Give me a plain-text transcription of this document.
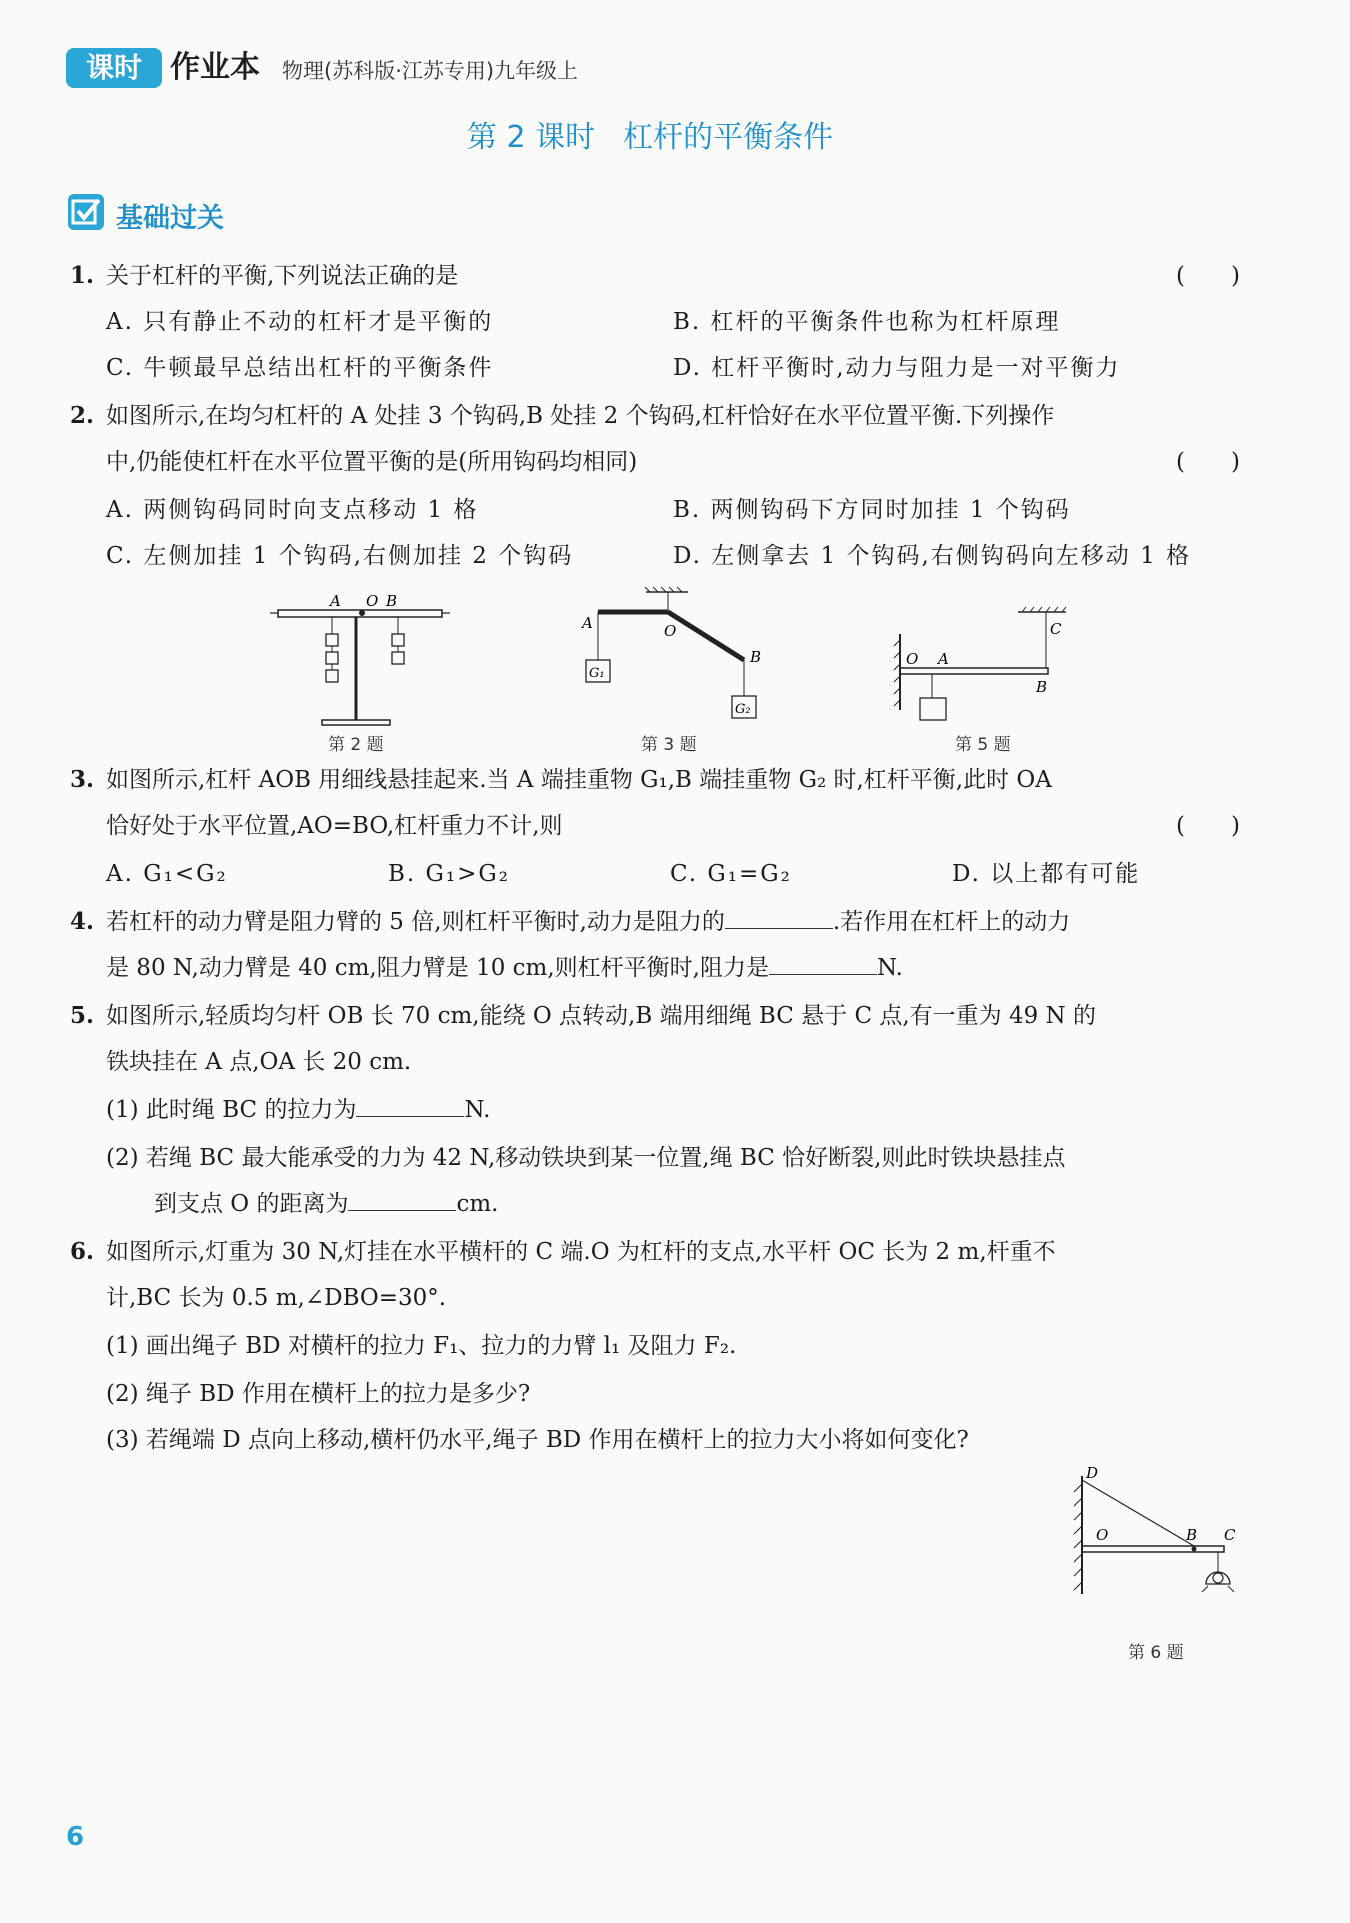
课时 作业本 物理(苏科版·江苏专用)九年级上
第 2 课时 杠杆的平衡条件
基础过关
1. 关于杠杆的平衡,下列说法正确的是	(　　)
A. 只有静止不动的杠杆才是平衡的	B. 杠杆的平衡条件也称为杠杆原理
C. 牛顿最早总结出杠杆的平衡条件	D. 杠杆平衡时,动力与阻力是一对平衡力
2. 如图所示,在均匀杠杆的 A 处挂 3 个钩码,B 处挂 2 个钩码,杠杆恰好在水平位置平衡.下列操作
中,仍能使杠杆在水平位置平衡的是(所用钩码均相同)	(　　)
A. 两侧钩码同时向支点移动 1 格	B. 两侧钩码下方同时加挂 1 个钩码
C. 左侧加挂 1 个钩码,右侧加挂 2 个钩码	D. 左侧拿去 1 个钩码,右侧钩码向左移动 1 格
A O B
第 2 题
A	O
B
G₁
G₂
第 3 题
O A
B
C
第 5 题
3. 如图所示,杠杆 AOB 用细线悬挂起来.当 A 端挂重物 G₁,B 端挂重物 G₂ 时,杠杆平衡,此时 OA
恰好处于水平位置,AO=BO,杠杆重力不计,则	(　　)
A. G₁<G₂	B. G₁>G₂	C. G₁=G₂	D. 以上都有可能
4. 若杠杆的动力臂是阻力臂的 5 倍,则杠杆平衡时,动力是阻力的	.若作用在杠杆上的动力
是 80 N,动力臂是 40 cm,阻力臂是 10 cm,则杠杆平衡时,阻力是	N.
5. 如图所示,轻质均匀杆 OB 长 70 cm,能绕 O 点转动,B 端用细绳 BC 悬于 C 点,有一重为 49 N 的
铁块挂在 A 点,OA 长 20 cm.
(1) 此时绳 BC 的拉力为	N.
(2) 若绳 BC 最大能承受的力为 42 N,移动铁块到某一位置,绳 BC 恰好断裂,则此时铁块悬挂点
到支点 O 的距离为	cm.
6. 如图所示,灯重为 30 N,灯挂在水平横杆的 C 端.O 为杠杆的支点,水平杆 OC 长为 2 m,杆重不
计,BC 长为 0.5 m,∠DBO=30°.
(1) 画出绳子 BD 对横杆的拉力 F₁、拉力的力臂 l₁ 及阻力 F₂.
(2) 绳子 BD 作用在横杆上的拉力是多少?
(3) 若绳端 D 点向上移动,横杆仍水平,绳子 BD 作用在横杆上的拉力大小将如何变化?
D
O	B C
第 6 题
6
